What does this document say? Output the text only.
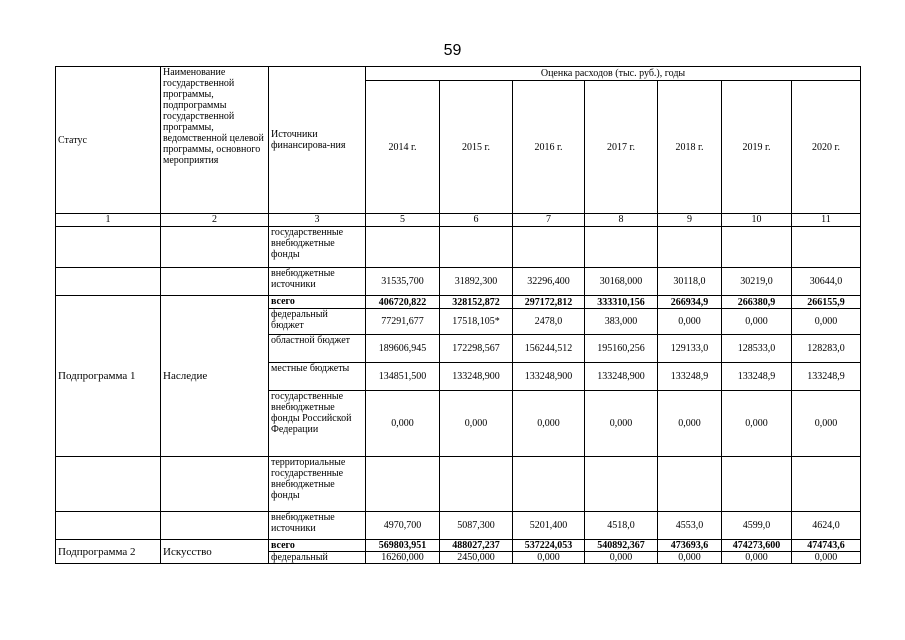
59
Статус	Наименование государственной программы, подпрограммы государственной программы, ведомственной целевой программы, основного мероприятия	Источники финансирова-ния	Оценка расходов (тыс. руб.), годы						
			2014 г.	2015 г.	2016 г.	2017 г.	2018 г.	2019 г.	2020 г.
1	2	3	5	6	7	8	9	10	11
		государственные внебюджетные фонды							
		внебюджетные источники	31535,700	31892,300	32296,400	30168,000	30118,0	30219,0	30644,0
Подпрограмма 1	Наследие	всего	406720,822	328152,872	297172,812	333310,156	266934,9	266380,9	266155,9
		федеральный бюджет	77291,677	17518,105*	2478,0	383,000	0,000	0,000	0,000
		областной бюджет	189606,945	172298,567	156244,512	195160,256	129133,0	128533,0	128283,0
		местные бюджеты	134851,500	133248,900	133248,900	133248,900	133248,9	133248,9	133248,9
		государственные внебюджетные фонды Российской Федерации	0,000	0,000	0,000	0,000	0,000	0,000	0,000
		территориальные государственные внебюджетные фонды							
		внебюджетные источники	4970,700	5087,300	5201,400	4518,0	4553,0	4599,0	4624,0
Подпрограмма 2	Искусство	всего	569803,951	488027,237	537224,053	540892,367	473693,6	474273,600	474743,6
		федеральный	16260,000	2450,000	0,000	0,000	0,000	0,000	0,000
